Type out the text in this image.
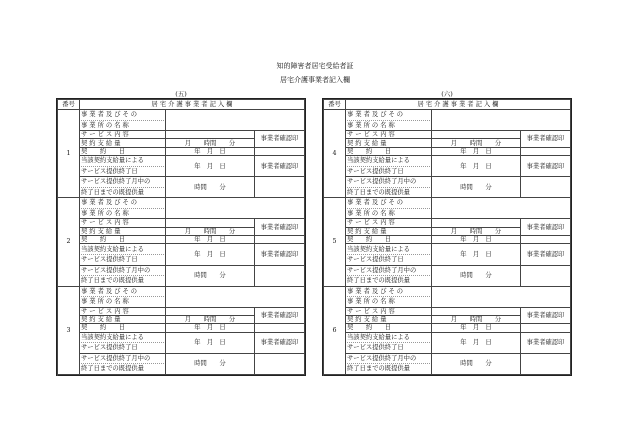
知的障害者居宅受給者証
居宅介護事業者記入欄
(五)	(六)
番号	居 宅 介 護 事 業 者 記 入 欄		
1	事 業 者 及 び そ の
事 業 所 の 名 称		

	サ ー ビ ス 内 容		事業者確認印
	契 約 支 給 量	月　　時間　　分	
	契　　約　　日	年　月　日	

	当該契約支給量による
サービス提供終了日	年　月　日	事業者確認印

	サービス提供終了月中の
終了日までの既提供量	時間　　分	

2	事 業 者 及 び そ の
事 業 所 の 名 称		

	サ ー ビ ス 内 容		事業者確認印
	契 約 支 給 量	月　　時間　　分	
	契　　約　　日	年　月　日	

	当該契約支給量による
サービス提供終了日	年　月　日	事業者確認印

	サービス提供終了月中の
終了日までの既提供量	時間　　分	

3	事 業 者 及 び そ の
事 業 所 の 名 称		

	サ ー ビ ス 内 容		事業者確認印
	契 約 支 給 量	月　　時間　　分	
	契　　約　　日	年　月　日	

	当該契約支給量による
サービス提供終了日	年　月　日	事業者確認印

	サービス提供終了月中の
終了日までの既提供量	時間　　分	

番号	居 宅 介 護 事 業 者 記 入 欄		
4	事 業 者 及 び そ の
事 業 所 の 名 称		

	サ ー ビ ス 内 容		事業者確認印
	契 約 支 給 量	月　　時間　　分	
	契　　約　　日	年　月　日	

	当該契約支給量による
サービス提供終了日	年　月　日	事業者確認印

	サービス提供終了月中の
終了日までの既提供量	時間　　分	

5	事 業 者 及 び そ の
事 業 所 の 名 称		

	サ ー ビ ス 内 容		事業者確認印
	契 約 支 給 量	月　　時間　　分	
	契　　約　　日	年　月　日	

	当該契約支給量による
サービス提供終了日	年　月　日	事業者確認印

	サービス提供終了月中の
終了日までの既提供量	時間　　分	

6	事 業 者 及 び そ の
事 業 所 の 名 称		

	サ ー ビ ス 内 容		事業者確認印
	契 約 支 給 量	月　　時間　　分	
	契　　約　　日	年　月　日	

	当該契約支給量による
サービス提供終了日	年　月　日	事業者確認印

	サービス提供終了月中の
終了日までの既提供量	時間　　分	
